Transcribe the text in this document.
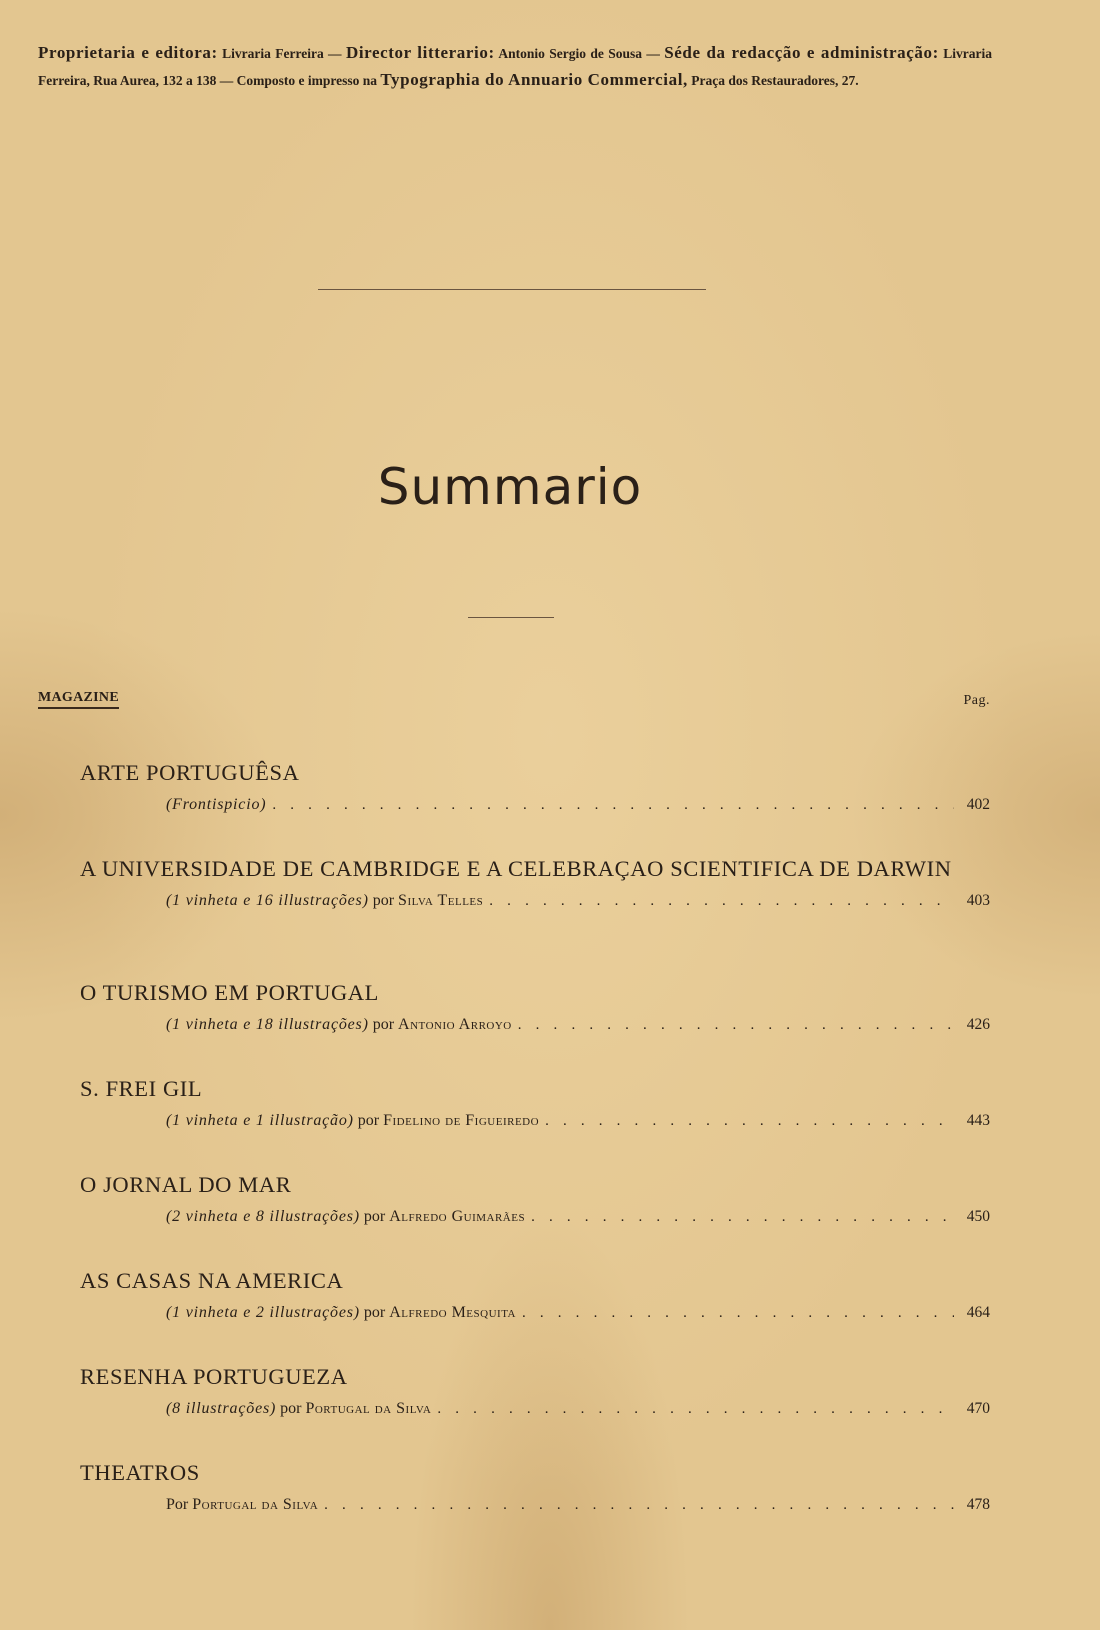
Proprietaria e editora: Livraria Ferreira — Director litterario: Antonio Sergio de Sousa — Séde da redacção e administração: Livraria Ferreira, Rua Aurea, 132 a 138 — Composto e impresso na Typographia do Annuario Commercial, Praça dos Restauradores, 27.
Summario
MAGAZINE	Pag.
ARTE PORTUGUÊSA
(Frontispicio) . . .	402
A UNIVERSIDADE DE CAMBRIDGE E A CELEBRAÇAO SCIENTIFICA DE DARWIN
(1 vinheta e 16 illustrações) por Silva Telles . . .	403
O TURISMO EM PORTUGAL
(1 vinheta e 18 illustrações) por Antonio Arroyo . . .	426
S. FREI GIL
(1 vinheta e 1 illustração) por Fidelino de Figueiredo . . .	443
O JORNAL DO MAR
(2 vinheta e 8 illustrações) por Alfredo Guimarães . . .	450
AS CASAS NA AMERICA
(1 vinheta e 2 illustrações) por Alfredo Mesquita . . .	464
RESENHA PORTUGUEZA
(8 illustrações) por Portugal da Silva . . .	470
THEATROS
Por Portugal da Silva . . .	478
